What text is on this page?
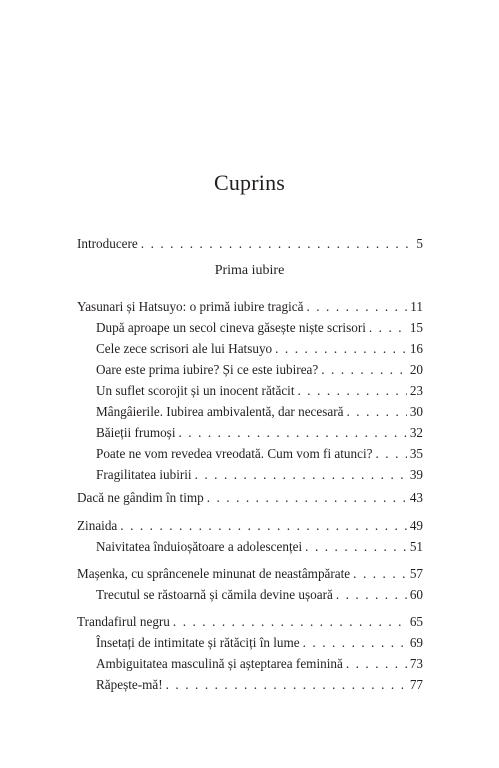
Cuprins
Introducere . . .	5
Prima iubire
Yasunari și Hatsuyo: o primă iubire tragică . . .	11
După aproape un secol cineva găsește niște scrisori . . .	15
Cele zece scrisori ale lui Hatsuyo . . .	16
Oare este prima iubire? Și ce este iubirea? . . .	20
Un suflet scorojit și un inocent rătăcit . . .	23
Mângâierile. Iubirea ambivalentă, dar necesară . . .	30
Băieții frumoși . . .	32
Poate ne vom revedea vreodată. Cum vom fi atunci? . . .	35
Fragilitatea iubirii . . .	39
Dacă ne gândim în timp . . .	43
Zinaida . . .	49
Naivitatea înduioșătoare a adolescenței . . .	51
Mașenka, cu sprâncenele minunat de neastâmpărate . . .	57
Trecutul se răstoarnă și cămila devine ușoară . . .	60
Trandafirul negru . . .	65
Însetați de intimitate și rătăciți în lume . . .	69
Ambiguitatea masculină și așteptarea feminină . . .	73
Răpește-mă! . . .	77
